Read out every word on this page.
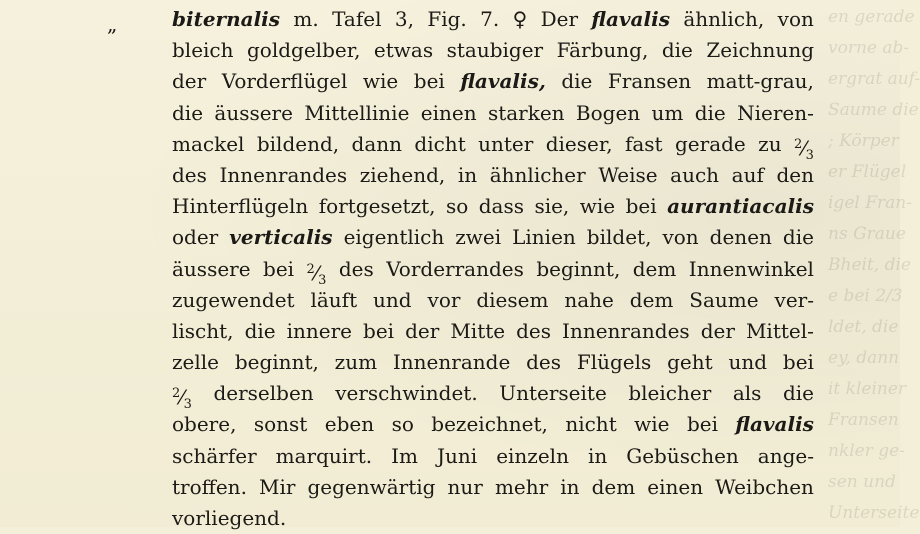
en gerade
vorne ab-
ergrat auf-
Saume die
; Körper
er Flügel
igel Fran-
ns Graue
Bheit, die
e bei 2/3
ldet, die
ey, dann
it kleiner
Fransen
nkler ge-
sen und
Unterseite
„	biternalis m. Tafel 3, Fig. 7. ♀ Der flavalis ähnlich, von
bleich goldgelber, etwas staubiger Färbung, die Zeichnung
der Vorderflügel wie bei flavalis, die Fransen matt-grau,
die äussere Mittellinie einen starken Bogen um die Nieren-
mackel bildend, dann dicht unter dieser, fast gerade zu $^2⁄_3$
des Innenrandes ziehend, in ähnlicher Weise auch auf den
Hinterflügeln fortgesetzt, so dass sie, wie bei aurantiacalis
oder verticalis eigentlich zwei Linien bildet, von denen die
äussere bei $^2⁄_3$ des Vorderrandes beginnt, dem Innenwinkel
zugewendet läuft und vor diesem nahe dem Saume ver-
lischt, die innere bei der Mitte des Innenrandes der Mittel-
zelle beginnt, zum Innenrande des Flügels geht und bei
$^2⁄_3$ derselben verschwindet. Unterseite bleicher als die
obere, sonst eben so bezeichnet, nicht wie bei flavalis
schärfer marquirt. Im Juni einzeln in Gebüschen ange-
troffen. Mir gegenwärtig nur mehr in dem einen Weibchen
vorliegend.
